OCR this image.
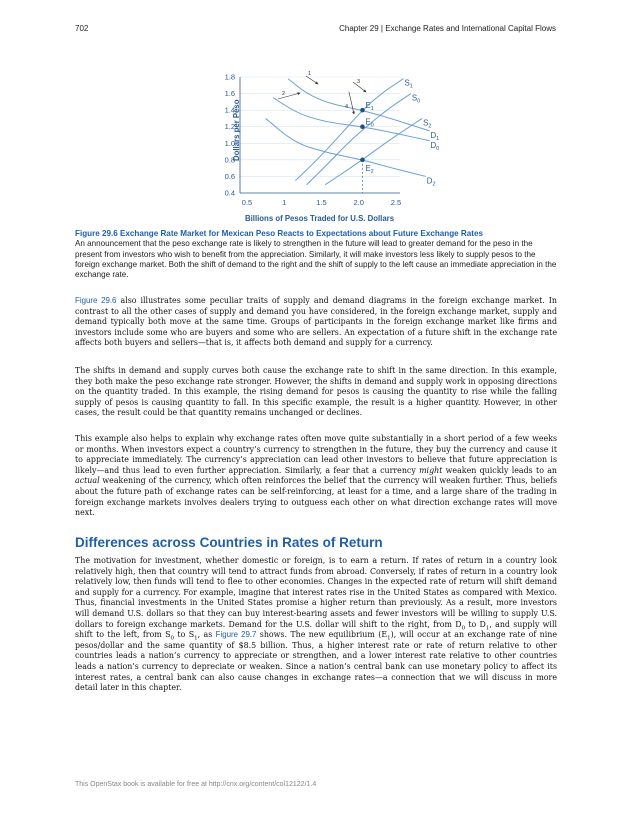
702	Chapter 29 | Exchange Rates and International Capital Flows
0.4
0.6
0.8
1.0
1.2
1.4
1.6
1.8
0.5	1	1.5	2.0	2.5
$S_1$
$S_0$
$S_2$
$D_1$
$D_0$
$D_2$
$E_1$
$E_0$
$E_2$
1
2
3
4
Dollars per Peso
Billions of Pesos Traded for U.S. Dollars
Figure 29.6 Exchange Rate Market for Mexican Peso Reacts to Expectations about Future Exchange Rates
An announcement that the peso exchange rate is likely to strengthen in the future will lead to greater demand for the peso in the present from investors who wish to benefit from the appreciation. Similarly, it will make investors less likely to supply pesos to the foreign exchange market. Both the shift of demand to the right and the shift of supply to the left cause an immediate appreciation in the exchange rate.

Figure 29.6 also illustrates some peculiar traits of supply and demand diagrams in the foreign exchange market. In contrast to all the other cases of supply and demand you have considered, in the foreign exchange market, supply and demand typically both move at the same time. Groups of participants in the foreign exchange market like firms and investors include some who are buyers and some who are sellers. An expectation of a future shift in the exchange rate affects both buyers and sellers—that is, it affects both demand and supply for a currency.

The shifts in demand and supply curves both cause the exchange rate to shift in the same direction. In this example, they both make the peso exchange rate stronger. However, the shifts in demand and supply work in opposing directions on the quantity traded. In this example, the rising demand for pesos is causing the quantity to rise while the falling supply of pesos is causing quantity to fall. In this specific example, the result is a higher quantity. However, in other cases, the result could be that quantity remains unchanged or declines.

This example also helps to explain why exchange rates often move quite substantially in a short period of a few weeks or months. When investors expect a country’s currency to strengthen in the future, they buy the currency and cause it to appreciate immediately. The currency’s appreciation can lead other investors to believe that future appreciation is likely—and thus lead to even further appreciation. Similarly, a fear that a currency might weaken quickly leads to an actual weakening of the currency, which often reinforces the belief that the currency will weaken further. Thus, beliefs about the future path of exchange rates can be self-reinforcing, at least for a time, and a large share of the trading in foreign exchange markets involves dealers trying to outguess each other on what direction exchange rates will move next.

Differences across Countries in Rates of Return

The motivation for investment, whether domestic or foreign, is to earn a return. If rates of return in a country look relatively high, then that country will tend to attract funds from abroad. Conversely, if rates of return in a country look relatively low, then funds will tend to flee to other economies. Changes in the expected rate of return will shift demand and supply for a currency. For example, imagine that interest rates rise in the United States as compared with Mexico. Thus, financial investments in the United States promise a higher return than previously. As a result, more investors will demand U.S. dollars so that they can buy interest-bearing assets and fewer investors will be willing to supply U.S. dollars to foreign exchange markets. Demand for the U.S. dollar will shift to the right, from $D_0$ to $D_1$, and supply will shift to the left, from $S_0$ to $S_1$, as Figure 29.7 shows. The new equilibrium $(E_1)$, will occur at an exchange rate of nine pesos/dollar and the same quantity of $8.5 billion. Thus, a higher interest rate or rate of return relative to other countries leads a nation’s currency to appreciate or strengthen, and a lower interest rate relative to other countries leads a nation’s currency to depreciate or weaken. Since a nation’s central bank can use monetary policy to affect its interest rates, a central bank can also cause changes in exchange rates—a connection that we will discuss in more detail later in this chapter.

This OpenStax book is available for free at http://cnx.org/content/col12122/1.4
